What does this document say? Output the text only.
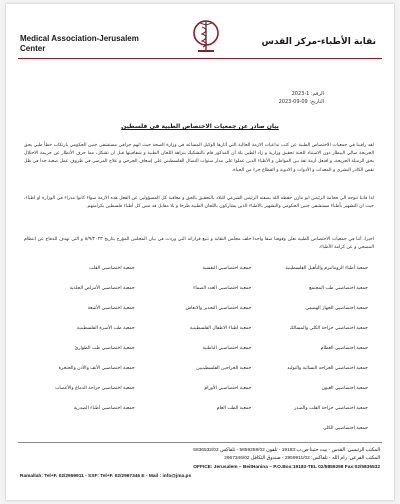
Medical Association-Jerusalem Center
نقابة الأطباء-مركز القدس
الرقم: 1-2023
التاريخ: 09-09-2023
بيان صادر عن جمعيات الاختصاص الطبية في فلسطين
لقد راقبنا في جمعيات الاختصاص الطبية عن كثب تداعيات الازمة الحالية التي أثارها الوكيل المساعد في وزارة الصحة حيث اتهم جزافي مستشفى جنين الحكومي بارتكاب خطأ طبي بحق الجريحة سالي البيطار دون الاستناد للجنة تحقيق وزارية و زاد الطين بلة أن المذكور قام بالتشكيك بنزاهة اللجان الطبية و شفافيتها قبل ان تشكل، مما حرف الأنظار عن جريمة الاحتلال بحق الزميلة الجريحة، و افتعل أزمة ثقة بين المواطن و الأطباء الذين عملوا على مدار سنوات النضال الفلسطيني على إسعاف الجرحى و علاج المرضى في ظروف عمل صعبة جدا في ظل نقص الكادر البشري و المعدات و الأدوات و الادوية و القطاع جزء من الحياة.
لذا فاننا نتوجه الى فخامة الرئيس ابو مازن حفظه الله بصفته الرئيس الشرعي للبلاد بالتحقيق بالحق و معاقبة كل المسؤولين عن الفعل هذه الازمة سواء كانوا مدراء في الوزارة او اطباء، حيث ان التشهير بأطباء مستشفى جنين الحكومي والتشهير بالأطباء الذين يشاركون باللجان الطبية طرحا و بلا مقابل قد مس كل أطباء فلسطين بكرامتهم.
اخيرا، أننا في جمعيات الاختصاص الطبية نعلن وقوفنا صفا واحدا خلف مجلس النقابة و نتبع قراراته التي وردت في بيان المجلس المؤرخ بتاريخ ٨/٩/٢٠٢٣ و التي تهدف للدفاع عن انتظام المصحي و عن كرامة الأطباء.
جمعية أطباء الروماتيزم والتأهيل الفلسطينية
جمعية اختصاصيي النفسية
جمعية اختصاصيي القلب
جمعية اختصاصيي طب المجتمع
جمعية اختصاصيي الغدد الصماء
جمعية اختصاصيي الأمراض الجلدية
جمعية اختصاصيي الجهاز الهضمي
جمعية اختصاصيي التخدير والانعاش
جمعية اختصاصيي الأشعة
جمعية اختصاصيي جراحة الكلى والمسالك
جمعية اطباء الاطفال الفلسطينية
جمعية طب الأسرة الفلسطينية
جمعية اختصاصيي العظام
جمعية اختصاصيي الباطنية
جمعية اختصاصيي طب الطوارئ
جمعية اختصاصيي الجراحة النسائية والتوليد
جمعية الجراحين الفلسطينيين
جمعية اختصاصيي الأنف والأذن والحنجرة
جمعية اختصاصيي العيون
جمعية اختصاصيي الأورام
جمعية اختصاصيي جراحة الدماغ والأعصاب
جمعية اختصاصيي جراحة القلب والصدر
جمعية الطب العام
جمعية اختصاصيي أطباء الصدرية
جمعية اختصاصيي الكلى
المكتب الرئيسي: القدس - بيت حنينا-ص.ب:19183 - تلفون 5859258/02 - تلفاكس 5836532/02
المكتب الفرعي: رام الله - تلفاكس: 2959911/02 - صندوق التكافل 2967346/02
OFFICE: Jerusalem – BeitHanina – P.O.Box:19183-TEL 02/5859258 Fax:02/5836532
Ramallah: Tel+F. 02/2959911 - SSF: Tel+F. 02/2967346 E - Mail : info@jma.ps
